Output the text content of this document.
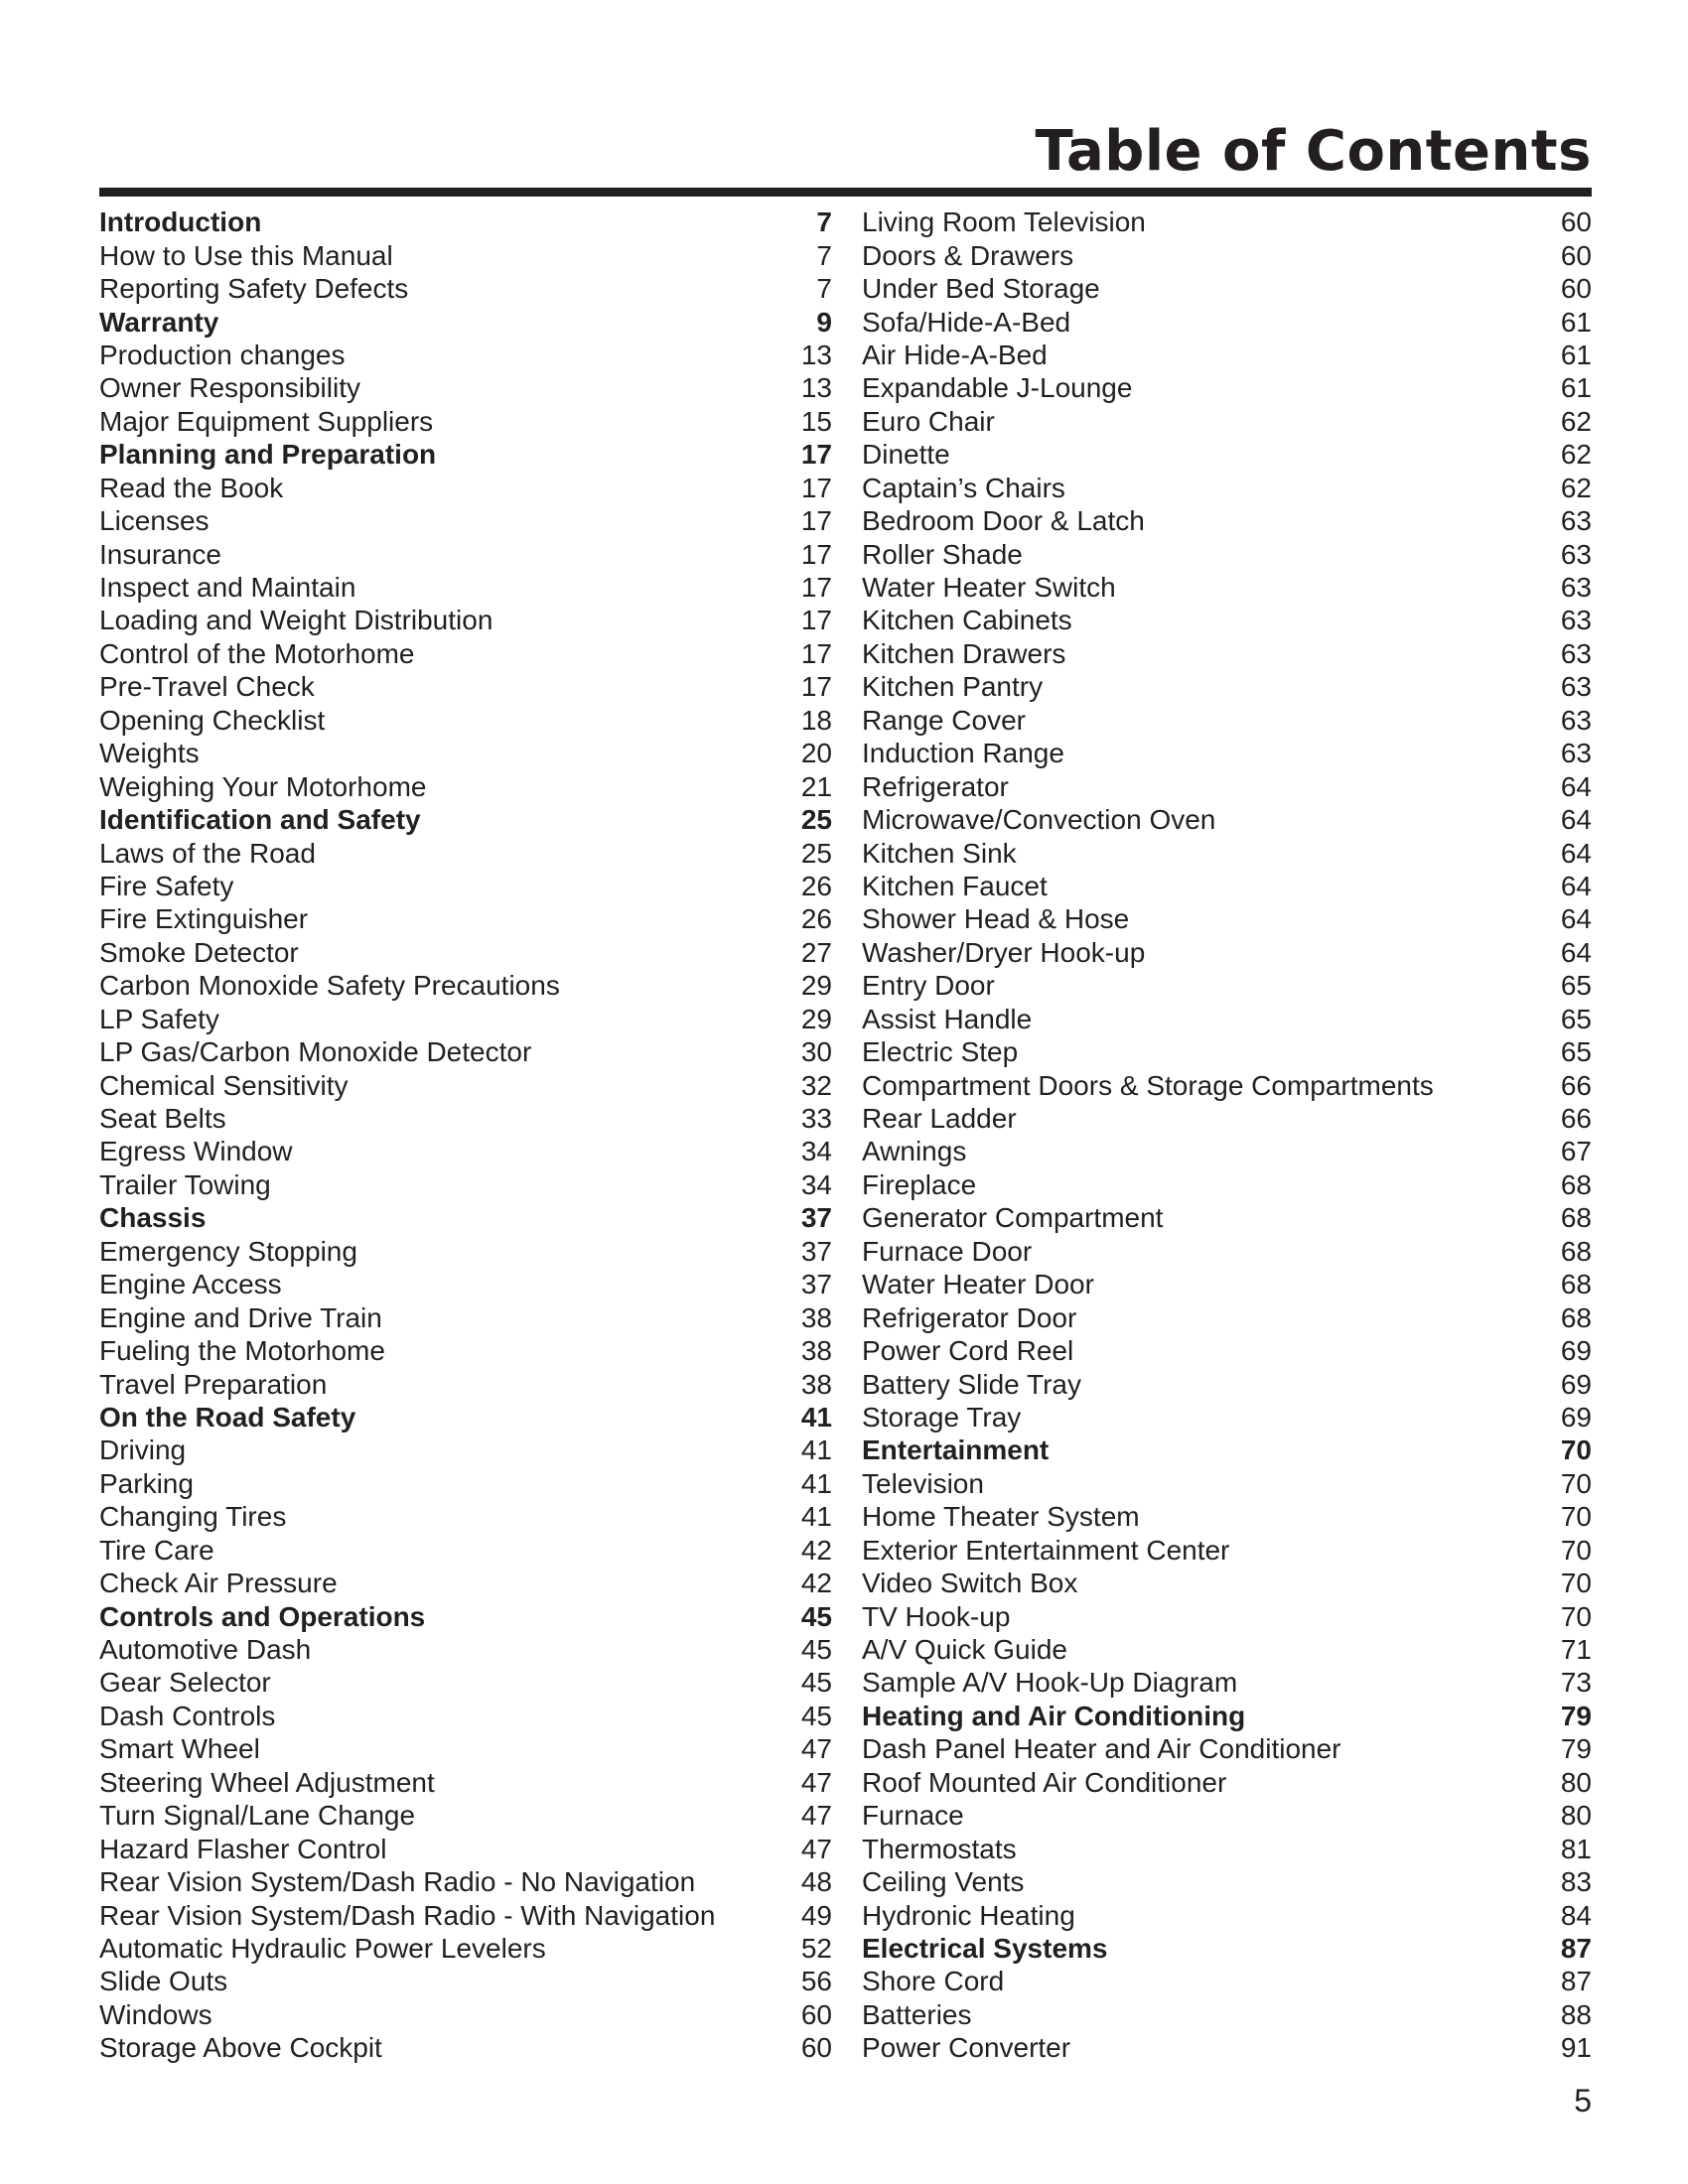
Table of Contents
Introduction	7
How to Use this Manual	7
Reporting Safety Defects	7
Warranty	9
Production changes	13
Owner Responsibility	13
Major Equipment Suppliers	15
Planning and Preparation	17
Read the Book	17
Licenses	17
Insurance	17
Inspect and Maintain	17
Loading and Weight Distribution	17
Control of the Motorhome	17
Pre-Travel Check	17
Opening Checklist	18
Weights	20
Weighing Your Motorhome	21
Identification and Safety	25
Laws of the Road	25
Fire Safety	26
Fire Extinguisher	26
Smoke Detector	27
Carbon Monoxide Safety Precautions	29
LP Safety	29
LP Gas/Carbon Monoxide Detector	30
Chemical Sensitivity	32
Seat Belts	33
Egress Window	34
Trailer Towing	34
Chassis	37
Emergency Stopping	37
Engine Access	37
Engine and Drive Train	38
Fueling the Motorhome	38
Travel Preparation	38
On the Road Safety	41
Driving	41
Parking	41
Changing Tires	41
Tire Care	42
Check Air Pressure	42
Controls and Operations	45
Automotive Dash	45
Gear Selector	45
Dash Controls	45
Smart Wheel	47
Steering Wheel Adjustment	47
Turn Signal/Lane Change	47
Hazard Flasher Control	47
Rear Vision System/Dash Radio - No Navigation	48
Rear Vision System/Dash Radio - With Navigation	49
Automatic Hydraulic Power Levelers	52
Slide Outs	56
Windows	60
Storage Above Cockpit	60
Living Room Television	60
Doors & Drawers	60
Under Bed Storage	60
Sofa/Hide-A-Bed	61
Air Hide-A-Bed	61
Expandable J-Lounge	61
Euro Chair	62
Dinette	62
Captain’s Chairs	62
Bedroom Door & Latch	63
Roller Shade	63
Water Heater Switch	63
Kitchen Cabinets	63
Kitchen Drawers	63
Kitchen Pantry	63
Range Cover	63
Induction Range	63
Refrigerator	64
Microwave/Convection Oven	64
Kitchen Sink	64
Kitchen Faucet	64
Shower Head & Hose	64
Washer/Dryer Hook-up	64
Entry Door	65
Assist Handle	65
Electric Step	65
Compartment Doors & Storage Compartments	66
Rear Ladder	66
Awnings	67
Fireplace	68
Generator Compartment	68
Furnace Door	68
Water Heater Door	68
Refrigerator Door	68
Power Cord Reel	69
Battery Slide Tray	69
Storage Tray	69
Entertainment	70
Television	70
Home Theater System	70
Exterior Entertainment Center	70
Video Switch Box	70
TV Hook-up	70
A/V Quick Guide	71
Sample A/V Hook-Up Diagram	73
Heating and Air Conditioning	79
Dash Panel Heater and Air Conditioner	79
Roof Mounted Air Conditioner	80
Furnace	80
Thermostats	81
Ceiling Vents	83
Hydronic Heating	84
Electrical Systems	87
Shore Cord	87
Batteries	88
Power Converter	91
5
